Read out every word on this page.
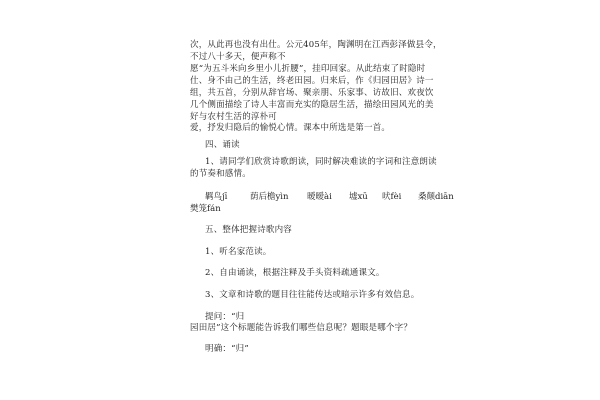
次，从此再也没有出仕。公元405年，陶渊明在江西彭泽做县令，
不过八十多天，便声称不
愿“为五斗米向乡里小儿折腰”，挂印回家。从此结束了时隐时
仕、身不由己的生活，终老田园。归来后，作《归园田居》诗一
组，共五首，分别从辞官场、聚亲朋、乐家事、访故旧、欢夜饮
几个侧面描绘了诗人丰富而充实的隐居生活，描绘田园风光的美
好与农村生活的淳朴可
爱，抒发归隐后的愉悦心情。课本中所选是第一首。
四、诵读
1、请同学们欣赏诗歌朗读，同时解决难读的字词和注意朗读
的节奏和感情。
羁鸟jī	荫后檐yìn 暧暧ài 墟xū 吠fèi 桑颠diān
樊笼fán
五、整体把握诗歌内容
1、听名家范读。
2、自由诵读，根据注释及手头资料疏通课文。
3、文章和诗歌的题目往往能传达或暗示许多有效信息。
提问：“归
园田居”这个标题能告诉我们哪些信息呢？题眼是哪个字？
明确：“归”
